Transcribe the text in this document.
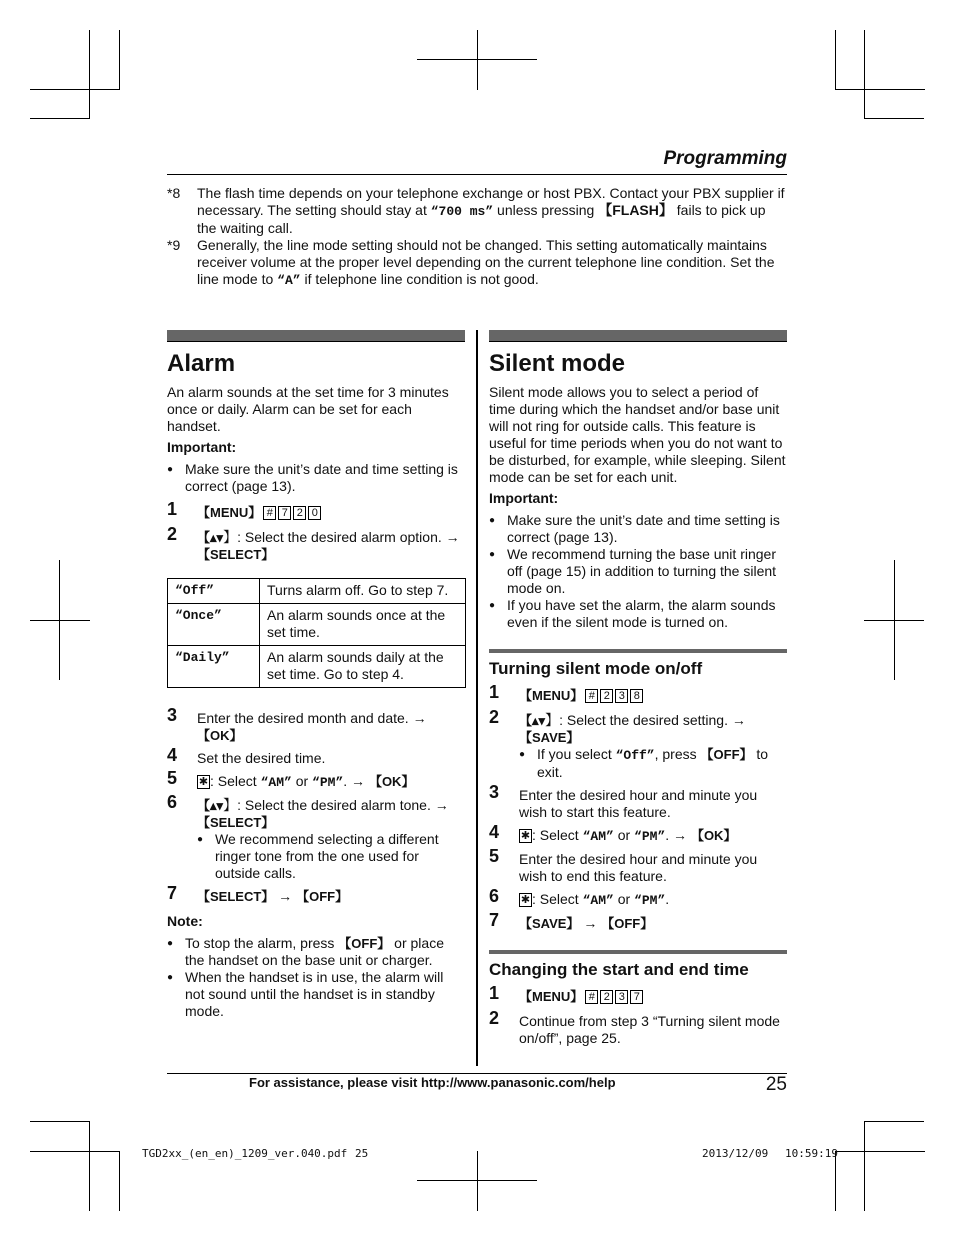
Programming
*8 The flash time depends on your telephone exchange or host PBX. Contact your PBX supplier if necessary. The setting should stay at “700 ms” unless pressing 【FLASH】 fails to pick up the waiting call.
*9 Generally, the line mode setting should not be changed. This setting automatically maintains receiver volume at the proper level depending on the current telephone line condition. Set the line mode to “A” if telephone line condition is not good.
Alarm
An alarm sounds at the set time for 3 minutes once or daily. Alarm can be set for each handset.
Important:
● Make sure the unit’s date and time setting is correct (page 13).
1 【MENU】 # 7 2 0
2 【▴▾】: Select the desired alarm option. →
【SELECT】
“Off”	Turns alarm off. Go to step 7.
“Once”	An alarm sounds once at the set time.
“Daily”	An alarm sounds daily at the set time. Go to step 4.
3 Enter the desired month and date. →
【OK】
4 Set the desired time.
5 ✱ : Select “AM” or “PM”. → 【OK】
6 【▴▾】: Select the desired alarm tone. →
【SELECT】
● We recommend selecting a different ringer tone from the one used for outside calls.
7 【SELECT】 → 【OFF】
Note:
● To stop the alarm, press 【OFF】 or place the handset on the base unit or charger.
● When the handset is in use, the alarm will not sound until the handset is in standby mode.
Silent mode
Silent mode allows you to select a period of time during which the handset and/or base unit will not ring for outside calls. This feature is useful for time periods when you do not want to be disturbed, for example, while sleeping. Silent mode can be set for each unit.
Important:
● Make sure the unit’s date and time setting is correct (page 13).
● We recommend turning the base unit ringer off (page 15) in addition to turning the silent mode on.
● If you have set the alarm, the alarm sounds even if the silent mode is turned on.
Turning silent mode on/off
1 【MENU】 # 2 3 8
2 【▴▾】: Select the desired setting. →
【SAVE】
● If you select “Off”, press 【OFF】 to exit.
3 Enter the desired hour and minute you wish to start this feature.
4 ✱ : Select “AM” or “PM”. → 【OK】
5 Enter the desired hour and minute you wish to end this feature.
6 ✱ : Select “AM” or “PM”.
7 【SAVE】 → 【OFF】
Changing the start and end time
1 【MENU】 # 2 3 7
2 Continue from step 3 “Turning silent mode on/off”, page 25.
For assistance, please visit http://www.panasonic.com/help	25
TGD2xx_(en_en)_1209_ver.040.pdf 25	2013/12/09 10:59:19
